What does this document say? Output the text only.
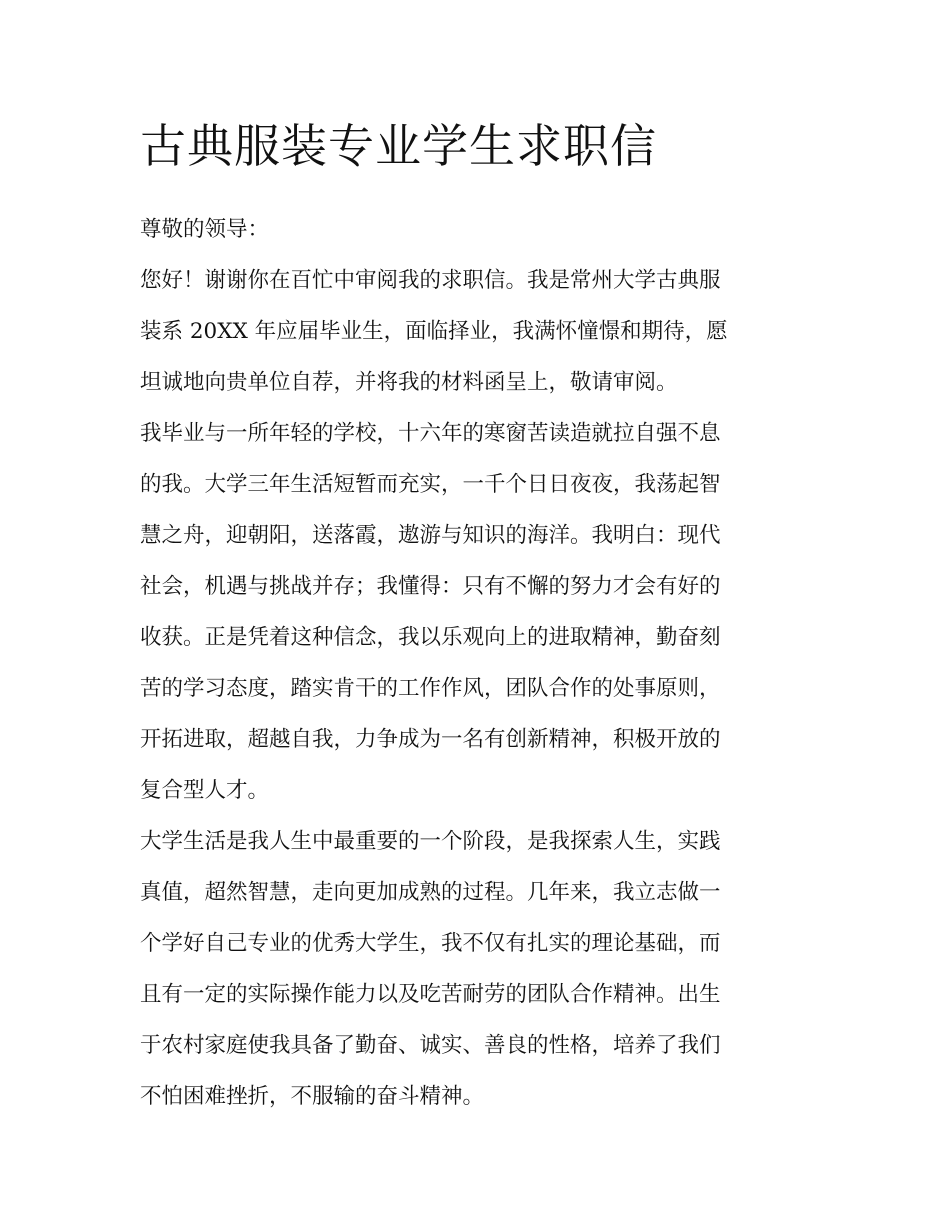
古典服装专业学生求职信

尊敬的领导：

您好！谢谢你在百忙中审阅我的求职信。我是常州大学古典服
装系 20XX 年应届毕业生，面临择业，我满怀憧憬和期待，愿
坦诚地向贵单位自荐，并将我的材料函呈上，敬请审阅。

我毕业与一所年轻的学校，十六年的寒窗苦读造就拉自强不息
的我。大学三年生活短暂而充实，一千个日日夜夜，我荡起智
慧之舟，迎朝阳，送落霞，遨游与知识的海洋。我明白：现代
社会，机遇与挑战并存；我懂得：只有不懈的努力才会有好的
收获。正是凭着这种信念，我以乐观向上的进取精神，勤奋刻
苦的学习态度，踏实肯干的工作作风，团队合作的处事原则，
开拓进取，超越自我，力争成为一名有创新精神，积极开放的
复合型人才。

大学生活是我人生中最重要的一个阶段，是我探索人生，实践
真值，超然智慧，走向更加成熟的过程。几年来，我立志做一
个学好自己专业的优秀大学生，我不仅有扎实的理论基础，而
且有一定的实际操作能力以及吃苦耐劳的团队合作精神。出生
于农村家庭使我具备了勤奋、诚实、善良的性格，培养了我们
不怕困难挫折，不服输的奋斗精神。
